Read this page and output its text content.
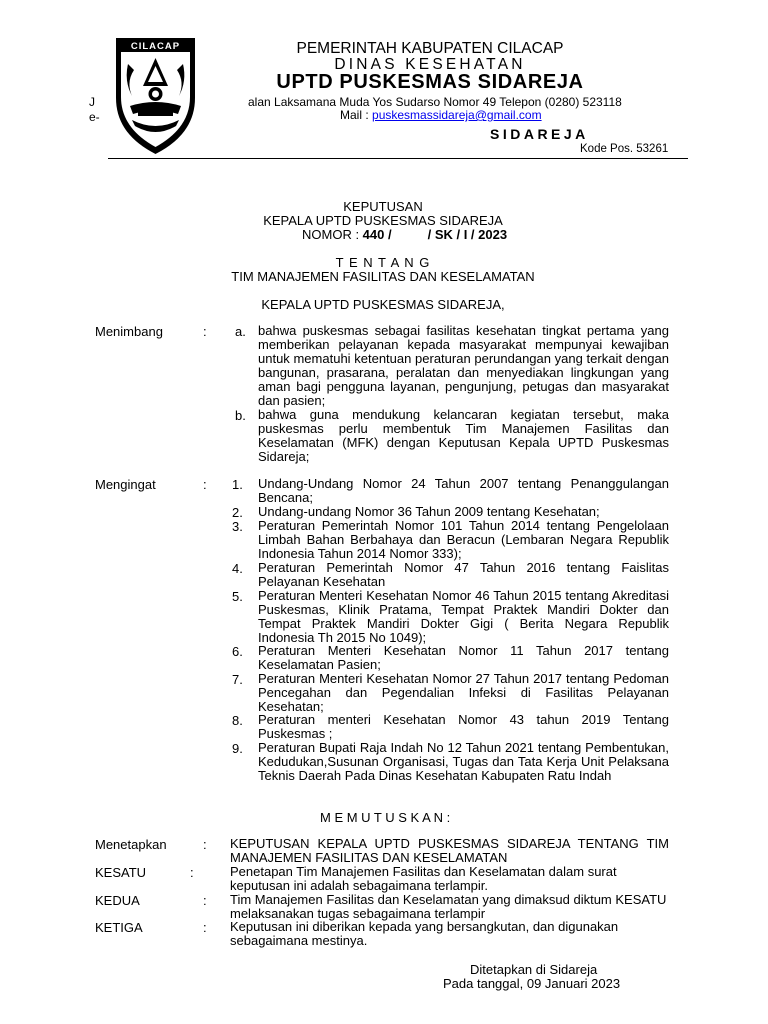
CILACAP	PEMERINTAH KABUPATEN CILACAP
DINAS KESEHATAN
UPTD PUSKESMAS SIDAREJA
J	alan Laksamana Muda Yos Sudarso Nomor 49 Telepon (0280) 523118
e-	Mail : puskesmassidareja@gmail.com
SIDAREJA
Kode Pos. 53261
KEPUTUSAN
KEPALA UPTD PUSKESMAS SIDAREJA
NOMOR : 440 /	/ SK / I / 2023
T E N T A N G
TIM MANAJEMEN FASILITAS DAN KESELAMATAN
KEPALA UPTD PUSKESMAS SIDAREJA,
Menimbang	: a. bahwa puskesmas sebagai fasilitas kesehatan tingkat pertama yang memberikan pelayanan kepada masyarakat mempunyai kewajiban untuk mematuhi ketentuan peraturan perundangan yang terkait dengan bangunan, prasarana, peralatan dan menyediakan lingkungan yang aman bagi pengguna layanan, pengunjung, petugas dan masyarakat dan pasien;
b. bahwa guna mendukung kelancaran kegiatan tersebut, maka puskesmas perlu membentuk Tim Manajemen Fasilitas dan Keselamatan (MFK) dengan Keputusan Kepala UPTD Puskesmas Sidareja;
Mengingat	: 1. Undang-Undang Nomor 24 Tahun 2007 tentang Penanggulangan Bencana;
2. Undang-undang Nomor 36 Tahun 2009 tentang Kesehatan;
3. Peraturan Pemerintah Nomor 101 Tahun 2014 tentang Pengelolaan Limbah Bahan Berbahaya dan Beracun (Lembaran Negara Republik Indonesia Tahun 2014 Nomor 333);
4. Peraturan Pemerintah Nomor 47 Tahun 2016 tentang Faislitas Pelayanan Kesehatan
5. Peraturan Menteri Kesehatan Nomor 46 Tahun 2015 tentang Akreditasi Puskesmas, Klinik Pratama, Tempat Praktek Mandiri Dokter dan Tempat Praktek Mandiri Dokter Gigi ( Berita Negara Republik Indonesia Th 2015 No 1049);
6. Peraturan Menteri Kesehatan Nomor 11 Tahun 2017 tentang Keselamatan Pasien;
7. Peraturan Menteri Kesehatan Nomor 27 Tahun 2017 tentang Pedoman Pencegahan dan Pegendalian Infeksi di Fasilitas Pelayanan Kesehatan;
8. Peraturan menteri Kesehatan Nomor 43 tahun 2019 Tentang Puskesmas ;
9. Peraturan Bupati Raja Indah No 12 Tahun 2021 tentang Pembentukan, Kedudukan,Susunan Organisasi, Tugas dan Tata Kerja Unit Pelaksana Teknis Daerah Pada Dinas Kesehatan Kabupaten Ratu Indah
M E M U T U S K A N :
Menetapkan	: KEPUTUSAN KEPALA UPTD PUSKESMAS SIDAREJA TENTANG TIM MANAJEMEN FASILITAS DAN KESELAMATAN
KESATU	:	Penetapan Tim Manajemen Fasilitas dan Keselamatan dalam surat keputusan ini adalah sebagaimana terlampir.
KEDUA	: Tim Manajemen Fasilitas dan Keselamatan yang dimaksud diktum KESATU melaksanakan tugas sebagaimana terlampir
KETIGA	: Keputusan ini diberikan kepada yang bersangkutan, dan digunakan sebagaimana mestinya.
Ditetapkan di Sidareja
Pada tanggal, 09 Januari 2023
